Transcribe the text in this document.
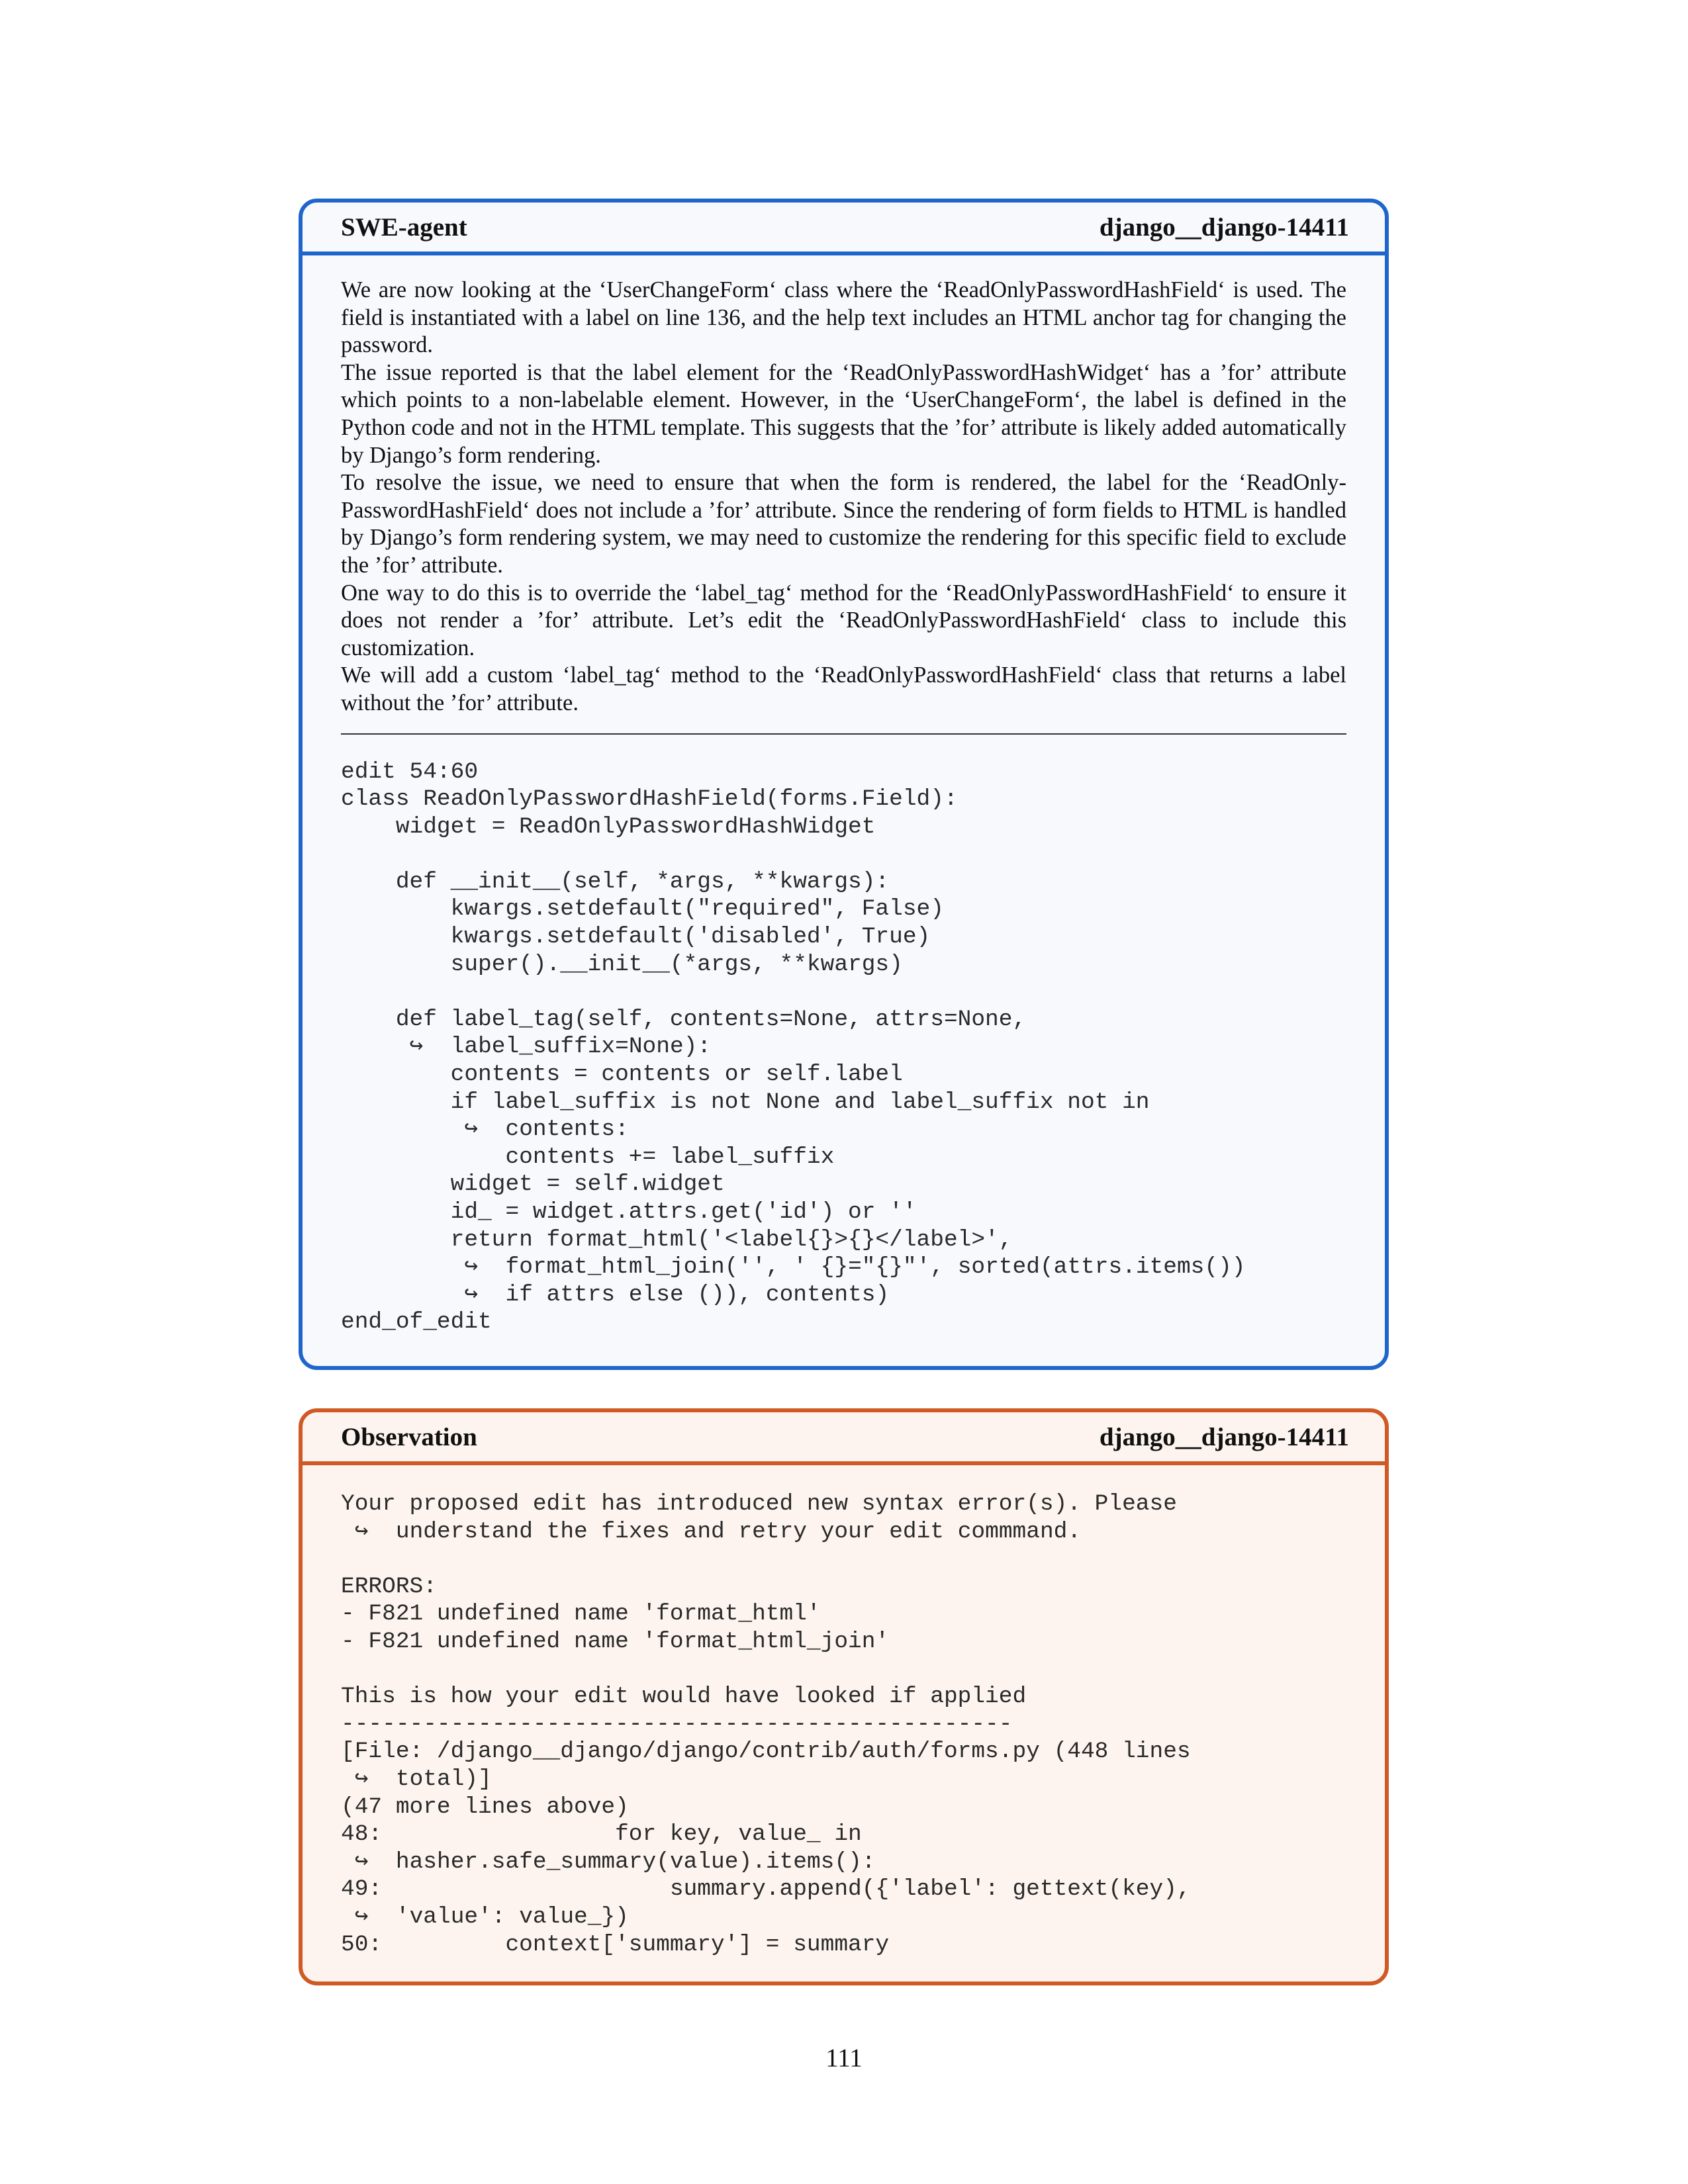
SWE-agent	django__django-14411

We are now looking at the ‘UserChangeForm‘ class where the ‘ReadOnlyPasswordHashField‘ is used. The field is instantiated with a label on line 136, and the help text includes an HTML anchor tag for changing the password.

The issue reported is that the label element for the ‘ReadOnlyPasswordHashWidget‘ has a ’for’ attribute which points to a non-labelable element. However, in the ‘UserChangeForm‘, the label is defined in the Python code and not in the HTML template. This suggests that the ’for’ attribute is likely added automatically by Django’s form rendering.

To resolve the issue, we need to ensure that when the form is rendered, the label for the ‘ReadOnlyPasswordHashField‘ does not include a ’for’ attribute. Since the rendering of form fields to HTML is handled by Django’s form rendering system, we may need to customize the rendering for this specific field to exclude the ’for’ attribute.

One way to do this is to override the ‘label_tag‘ method for the ‘ReadOnlyPasswordHashField‘ to ensure it does not render a ’for’ attribute. Let’s edit the ‘ReadOnlyPasswordHashField‘ class to include this customization.

We will add a custom ‘label_tag‘ method to the ‘ReadOnlyPasswordHashField‘ class that returns a label without the ’for’ attribute.

edit 54:60
class ReadOnlyPasswordHashField(forms.Field):
widget = ReadOnlyPasswordHashWidget

def __init__(self, *args, **kwargs):
kwargs.setdefault("required", False)
kwargs.setdefault('disabled', True)
super().__init__(*args, **kwargs)

def label_tag(self, contents=None, attrs=None,
↪  label_suffix=None):
contents = contents or self.label
if label_suffix is not None and label_suffix not in
↪  contents:
contents += label_suffix
widget = self.widget
id_ = widget.attrs.get('id') or ''
return format_html('<label{}>{}</label>',
↪  format_html_join('', ' {}="{}"', sorted(attrs.items())
↪  if attrs else ()), contents)
end_of_edit
Observation	django__django-14411
Your proposed edit has introduced new syntax error(s). Please
↪  understand the fixes and retry your edit commmand.

ERRORS:
- F821 undefined name 'format_html'
- F821 undefined name 'format_html_join'

This is how your edit would have looked if applied
-------------------------------------------------
[File: /django__django/django/contrib/auth/forms.py (448 lines
↪  total)]
(47 more lines above)
48:                 for key, value_ in
↪  hasher.safe_summary(value).items():
49:                     summary.append({'label': gettext(key),
↪  'value': value_})
50:         context['summary'] = summary
111
